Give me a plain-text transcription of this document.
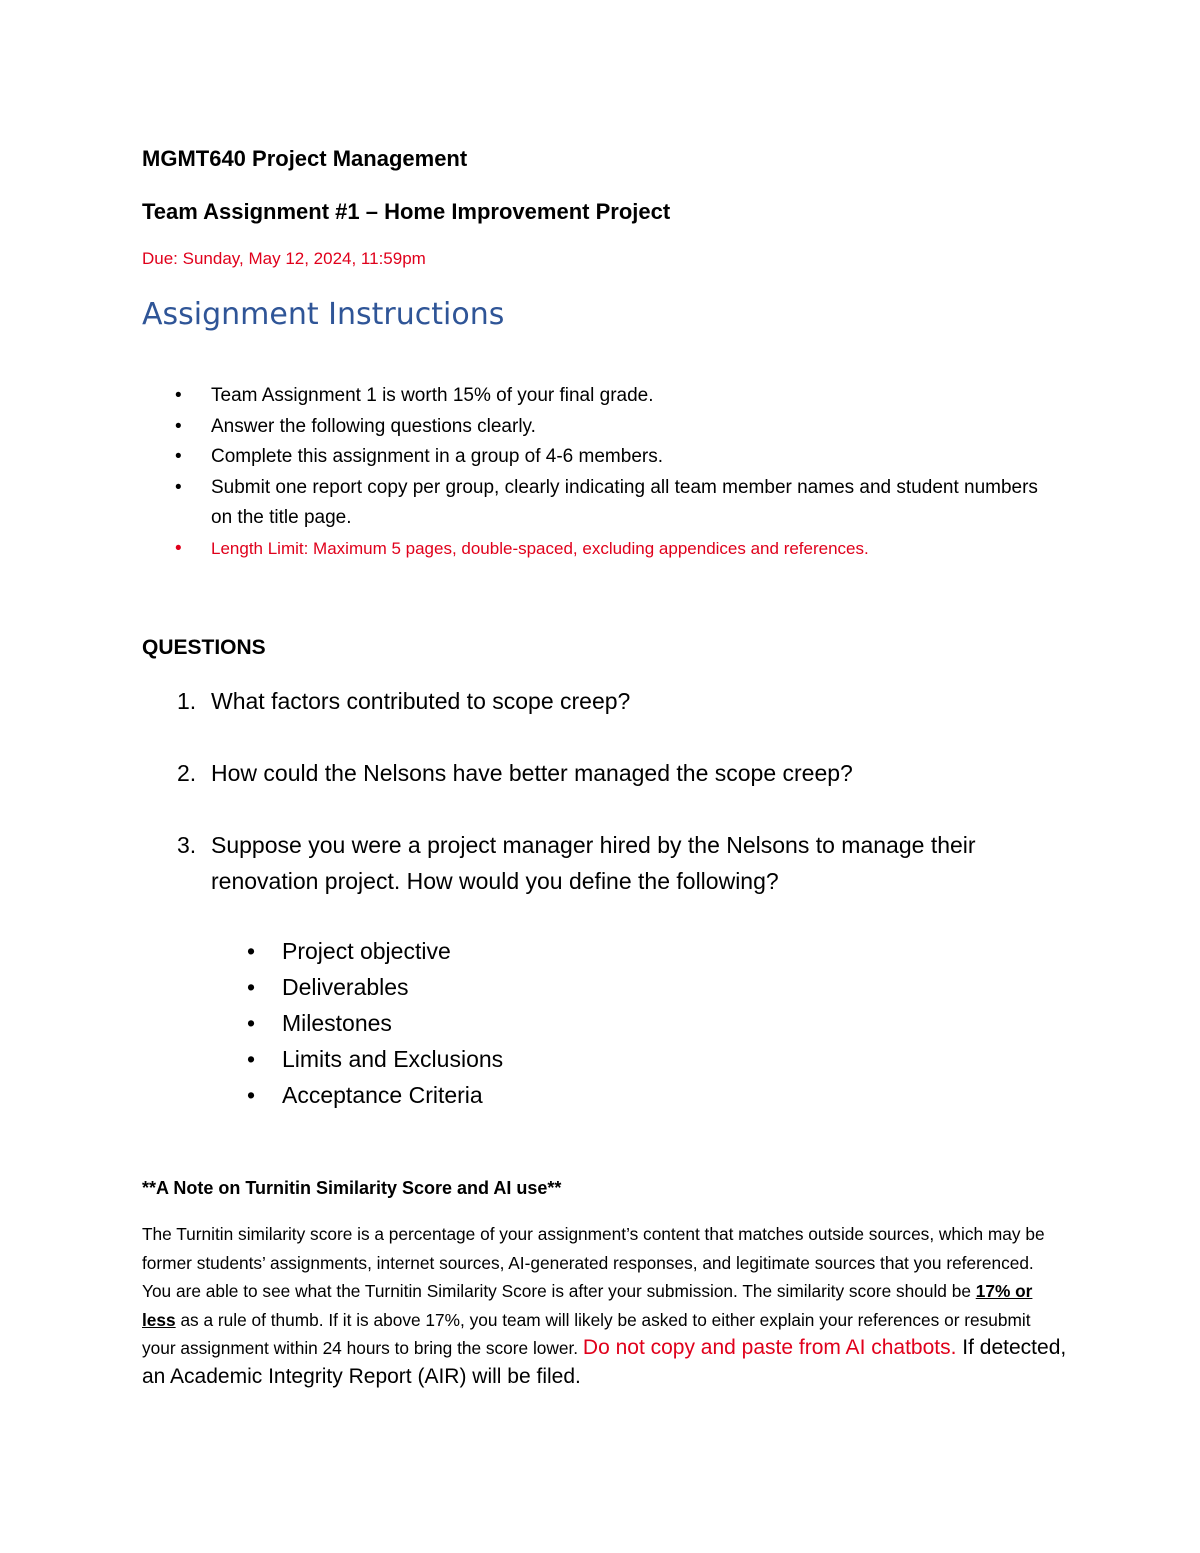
MGMT640 Project Management
Team Assignment #1 – Home Improvement Project

Due: Sunday, May 12, 2024, 11:59pm

Assignment Instructions
• Team Assignment 1 is worth 15% of your final grade.
• Answer the following questions clearly.
• Complete this assignment in a group of 4-6 members.
• Submit one report copy per group, clearly indicating all team member names and student numbers on the title page.
• Length Limit: Maximum 5 pages, double-spaced, excluding appendices and references.
QUESTIONS
1. What factors contributed to scope creep?
2. How could the Nelsons have better managed the scope creep?
3. Suppose you were a project manager hired by the Nelsons to manage their renovation project. How would you define the following?
• Project objective
• Deliverables
• Milestones
• Limits and Exclusions
• Acceptance Criteria
**A Note on Turnitin Similarity Score and AI use**

The Turnitin similarity score is a percentage of your assignment’s content that matches outside sources, which may be former students’ assignments, internet sources, AI-generated responses, and legitimate sources that you referenced. You are able to see what the Turnitin Similarity Score is after your submission. The similarity score should be 17% or less as a rule of thumb. If it is above 17%, you team will likely be asked to either explain your references or resubmit your assignment within 24 hours to bring the score lower. Do not copy and paste from AI chatbots. If detected, an Academic Integrity Report (AIR) will be filed.
